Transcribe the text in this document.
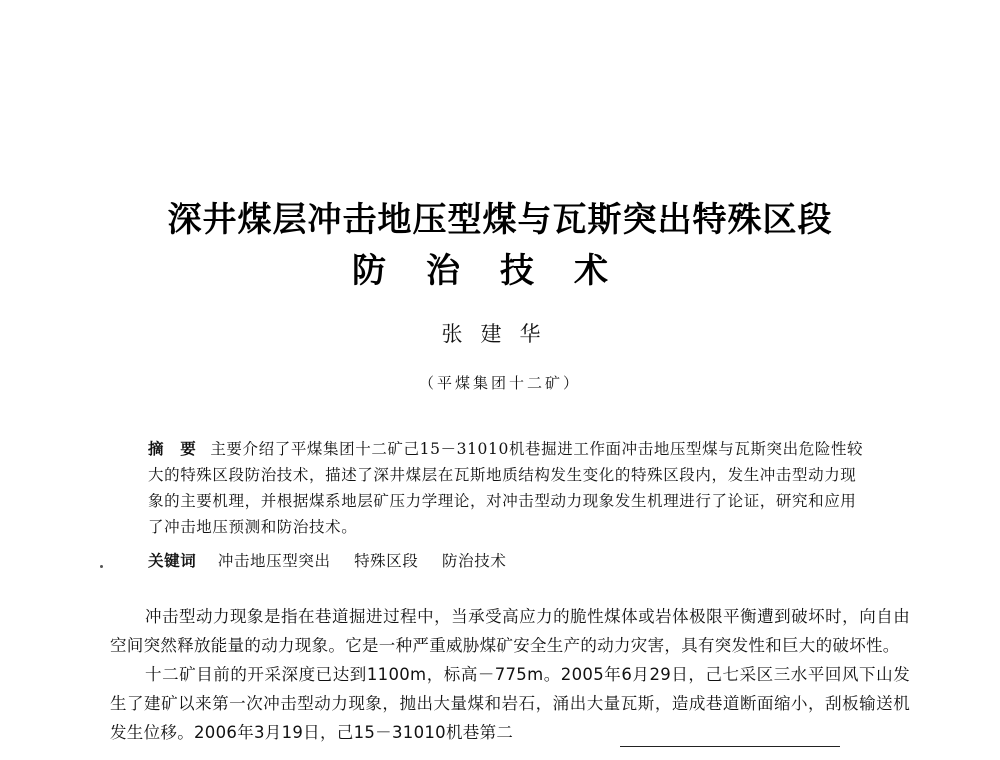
深井煤层冲击地压型煤与瓦斯突出特殊区段
防治技术
张建华
（平煤集团十二矿）
摘　要 主要介绍了平煤集团十二矿己15－31010机巷掘进工作面冲击地压型煤与瓦斯突出危险性较大的特殊区段防治技术，描述了深井煤层在瓦斯地质结构发生变化的特殊区段内，发生冲击型动力现象的主要机理，并根据煤系地层矿压力学理论，对冲击型动力现象发生机理进行了论证，研究和应用了冲击地压预测和防治技术。
关键词 冲击地压型突出 特殊区段 防治技术

冲击型动力现象是指在巷道掘进过程中，当承受高应力的脆性煤体或岩体极限平衡遭到破坏时，向自由空间突然释放能量的动力现象。它是一种严重威胁煤矿安全生产的动力灾害，具有突发性和巨大的破坏性。

十二矿目前的开采深度已达到1100m，标高－775m。2005年6月29日，己七采区三水平回风下山发生了建矿以来第一次冲击型动力现象，抛出大量煤和岩石，涌出大量瓦斯，造成巷道断面缩小，刮板输送机发生位移。2006年3月19日，己15－31010机巷第二
